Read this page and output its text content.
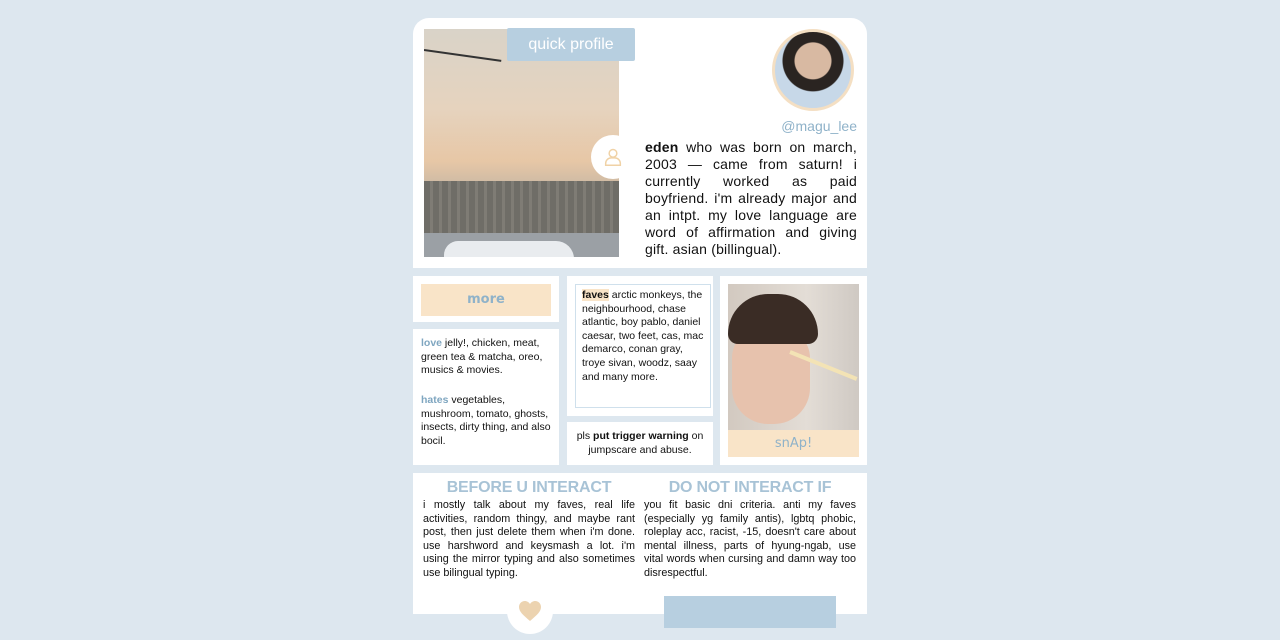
quick profile
@magu_lee
eden who was born on march, 2003 — came from saturn! i currently worked as paid boyfriend. i'm already major and an intpt. my love language are word of affirmation and giving gift. asian (billingual).
more
love jelly!, chicken, meat, green tea & matcha, oreo, musics & movies.
hates vegetables, mushroom, tomato, ghosts, insects, dirty thing, and also bocil.
faves arctic monkeys, the neighbourhood, chase atlantic, boy pablo, daniel caesar, two feet, cas, mac demarco, conan gray, troye sivan, woodz, saay and many more.
pls put trigger warning on jumpscare and abuse.	snAp!
BEFORE U INTERACT

i mostly talk about my faves, real life activities, random thingy, and maybe rant post, then just delete them when i'm done. use harshword and keysmash a lot. i'm using the mirror typing and also sometimes use bilingual typing.

DO NOT INTERACT IF

you fit basic dni criteria. anti my faves (especially yg family antis), lgbtq phobic, roleplay acc, racist, -15, doesn't care about mental illness, parts of hyung-ngab, use vital words when cursing and damn way too disrespectful.
